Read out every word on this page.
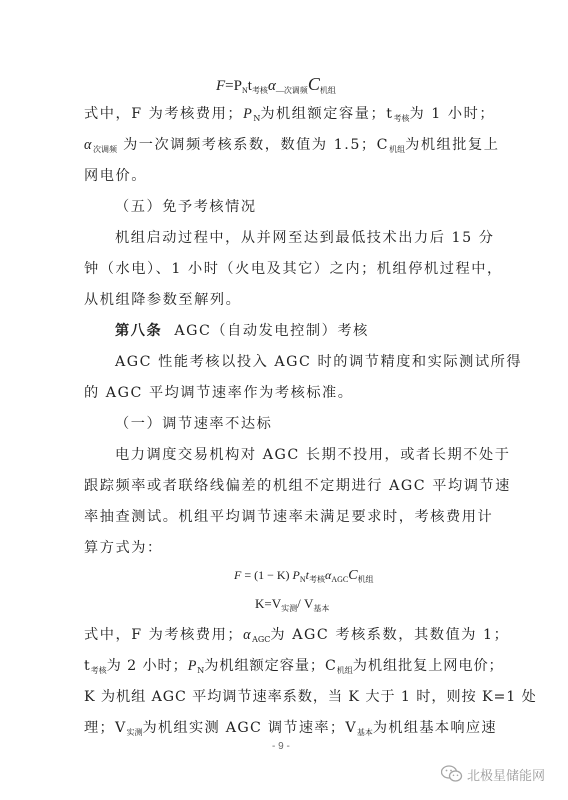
$F=P_Nt_{考核}\alpha_{—次调频}C_{机组}$
式中，F 为考核费用；$P_N$为机组额定容量；$t_{考核}$为 1 小时；
$\alpha_{次调频}$ 为一次调频考核系数，数值为 1.5；$C_{机组}$为机组批复上
网电价。
（五）免予考核情况
机组启动过程中，从并网至达到最低技术出力后 15 分
钟（水电）、1 小时（火电及其它）之内；机组停机过程中，
从机组降参数至解列。
第八条 AGC（自动发电控制）考核
AGC 性能考核以投入 AGC 时的调节精度和实际测试所得
的 AGC 平均调节速率作为考核标准。
（一）调节速率不达标
电力调度交易机构对 AGC 长期不投用，或者长期不处于
跟踪频率或者联络线偏差的机组不定期进行 AGC 平均调节速
率抽查测试。机组平均调节速率未满足要求时，考核费用计
算方式为：
F = (1 − K) $P_Nt_{考核}\alpha_{AGC}C_{机组}$
$K=V_{实测}/$ $V_{基本}$
式中，F 为考核费用；$\alpha_{AGC}$为 AGC 考核系数，其数值为 1；
$t_{考核}$为 2 小时；$P_N$为机组额定容量；$C_{机组}$为机组批复上网电价；
K 为机组 AGC 平均调节速率系数，当 K 大于 1 时，则按 K=1 处
理；$V_{实测}$为机组实测 AGC 调节速率；$V_{基本}$为机组基本响应速
- 9 -
北极星储能网
